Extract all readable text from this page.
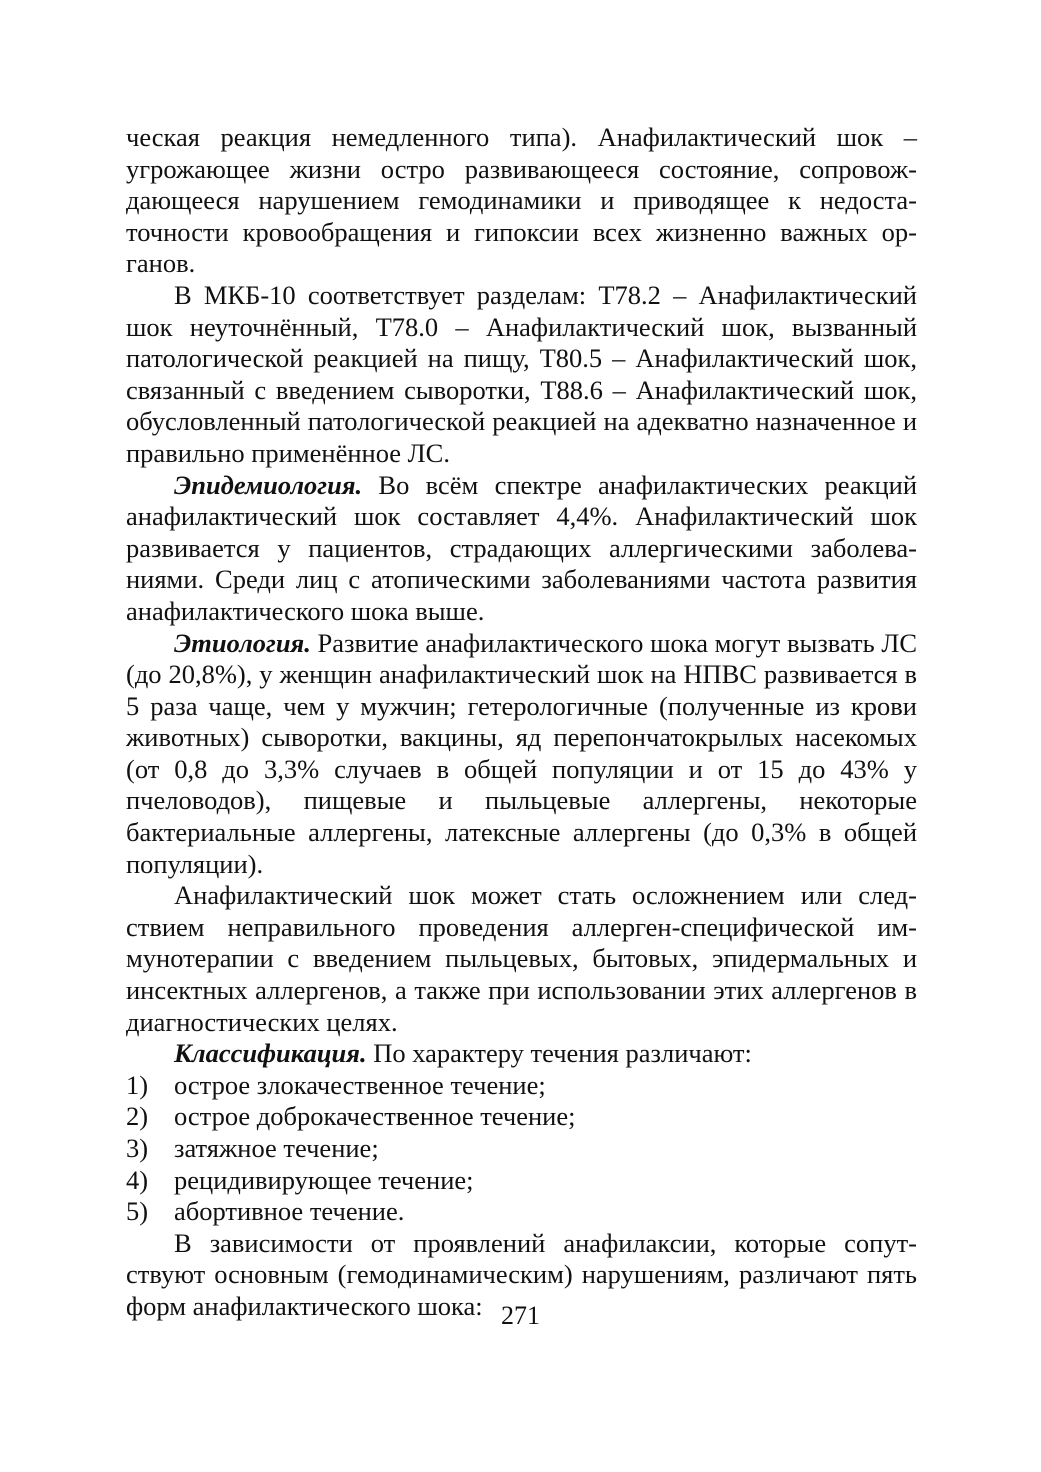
ческая реакция немедленного типа). Анафилактический шок – угрожающее жизни остро развивающееся состояние, сопровождающееся нарушением гемодинамики и приводящее к недостаточности кровообращения и гипоксии всех жизненно важных органов.

В МКБ-10 соответствует разделам: T78.2 – Анафилактический шок неуточнённый, T78.0 – Анафилактический шок, вызванный патологической реакцией на пищу, T80.5 – Анафилактический шок, связанный с введением сыворотки, T88.6 – Анафилактический шок, обусловленный патологической реакцией на адекватно назначенное и правильно применённое ЛС.

Эпидемиология. Во всём спектре анафилактических реакций анафилактический шок составляет 4,4%. Анафилактический шок развивается у пациентов, страдающих аллергическими заболеваниями. Среди лиц с атопическими заболеваниями частота развития анафилактического шока выше.

Этиология. Развитие анафилактического шока могут вызвать ЛС (до 20,8%), у женщин анафилактический шок на НПВС развивается в 5 раза чаще, чем у мужчин; гетерологичные (полученные из крови животных) сыворотки, вакцины, яд перепончатокрылых насекомых (от 0,8 до 3,3% случаев в общей популяции и от 15 до 43% у пчеловодов), пищевые и пыльцевые аллергены, некоторые бактериальные аллергены, латексные аллергены (до 0,3% в общей популяции).

Анафилактический шок может стать осложнением или следствием неправильного проведения аллерген-специфической иммунотерапии с введением пыльцевых, бытовых, эпидермальных и инсектных аллергенов, а также при использовании этих аллергенов в диагностических целях.

Классификация. По характеру течения различают:

1) острое злокачественное течение;
2) острое доброкачественное течение;
3) затяжное течение;
4) рецидивирующее течение;
5) абортивное течение.

В зависимости от проявлений анафилаксии, которые сопутствуют основным (гемодинамическим) нарушениям, различают пять форм анафилактического шока: 271
